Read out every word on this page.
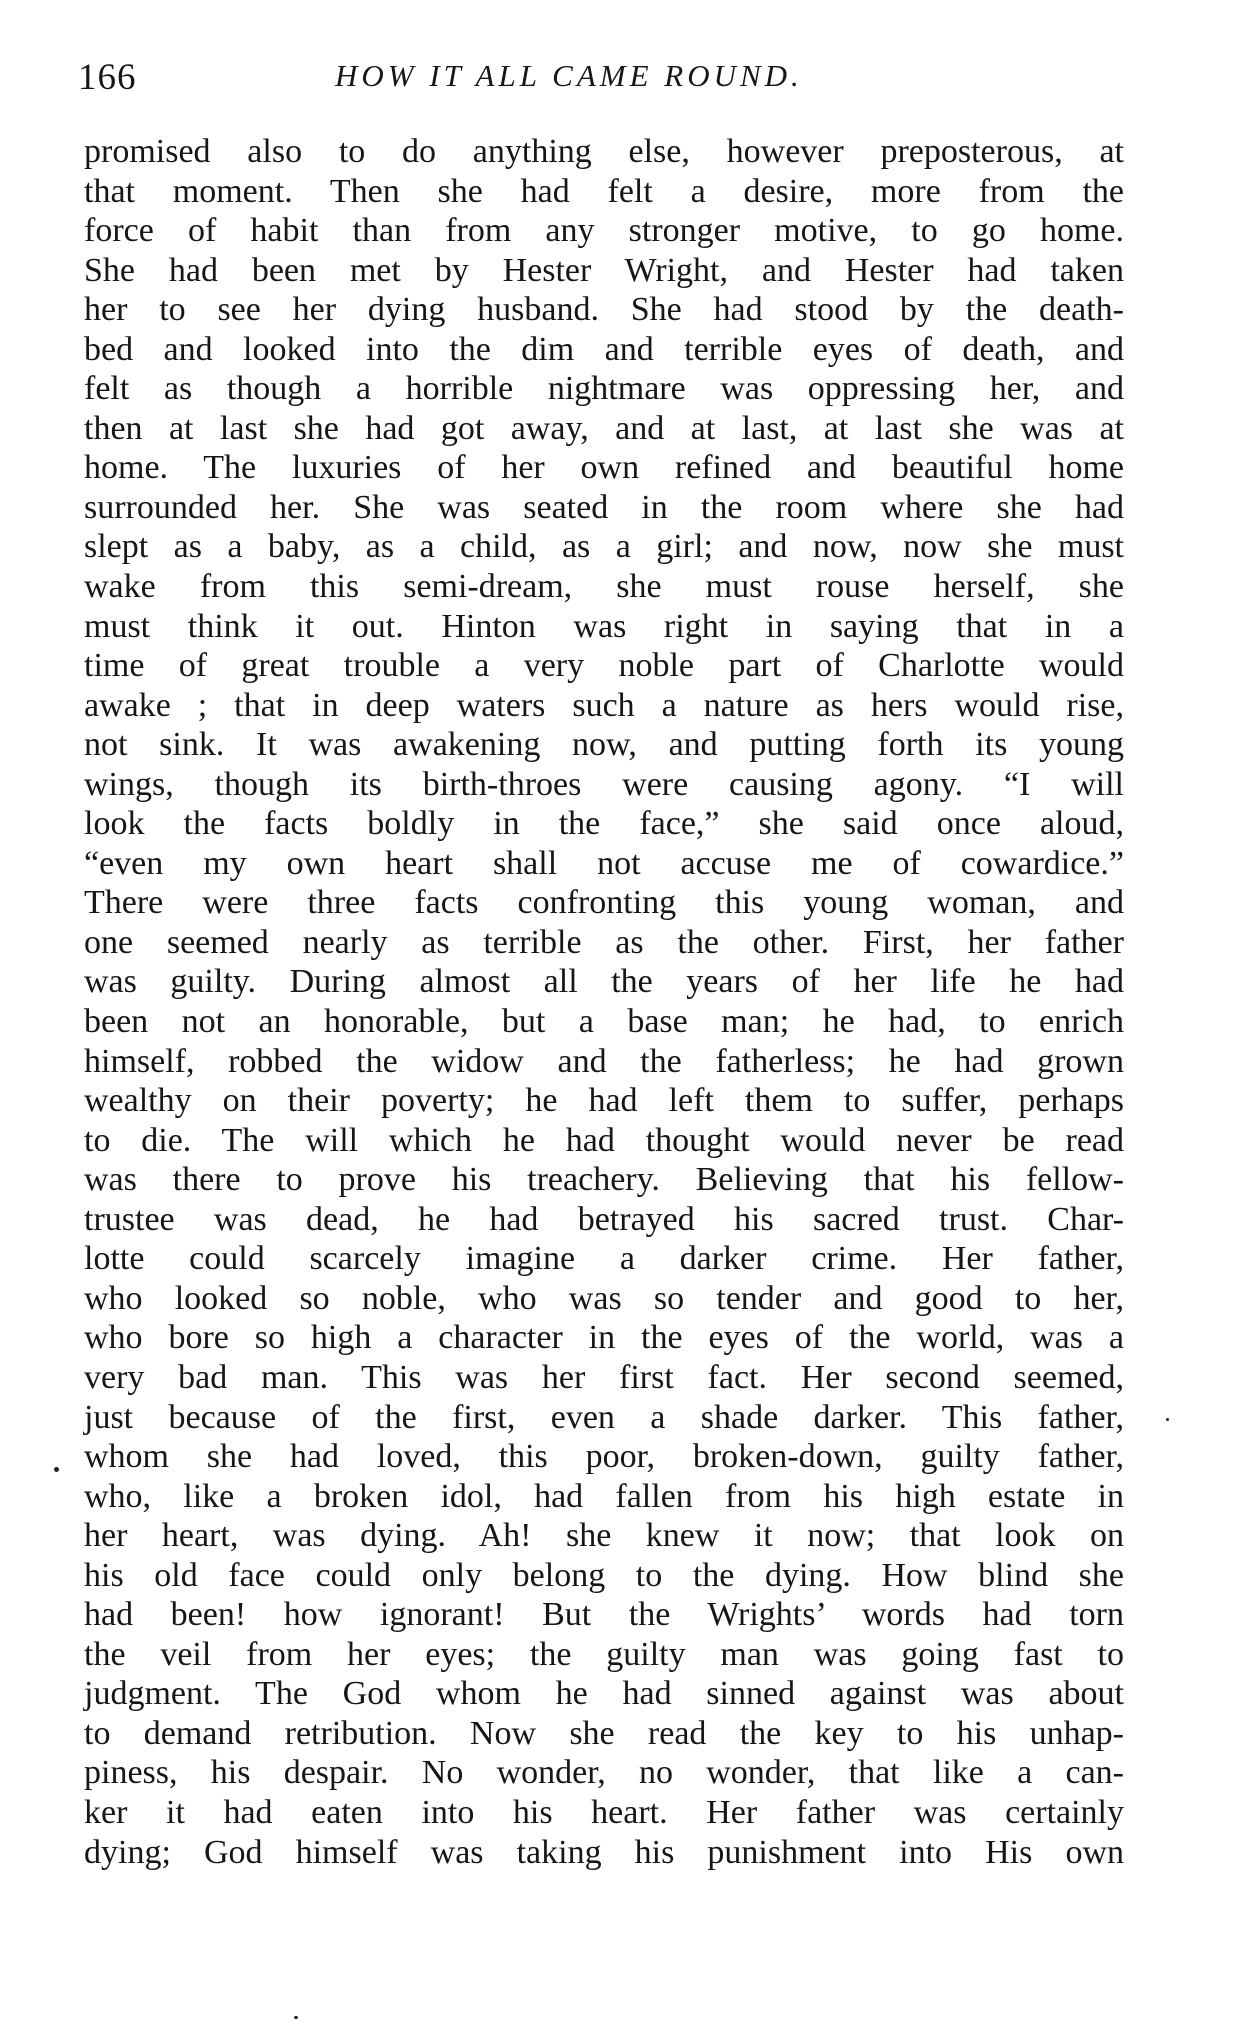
166	HOW IT ALL CAME ROUND.
promised also to do anything else, however preposterous, at
that moment. Then she had felt a desire, more from the
force of habit than from any stronger motive, to go home.
She had been met by Hester Wright, and Hester had taken
her to see her dying husband. She had stood by the death-
bed and looked into the dim and terrible eyes of death, and
felt as though a horrible nightmare was oppressing her, and
then at last she had got away, and at last, at last she was at
home. The luxuries of her own refined and beautiful home
surrounded her. She was seated in the room where she had
slept as a baby, as a child, as a girl; and now, now she must
wake from this semi-dream, she must rouse herself, she
must think it out. Hinton was right in saying that in a
time of great trouble a very noble part of Charlotte would
awake ; that in deep waters such a nature as hers would rise,
not sink. It was awakening now, and putting forth its young
wings, though its birth-throes were causing agony. “I will
look the facts boldly in the face,” she said once aloud,
“even my own heart shall not accuse me of cowardice.”
There were three facts confronting this young woman, and
one seemed nearly as terrible as the other. First, her father
was guilty. During almost all the years of her life he had
been not an honorable, but a base man; he had, to enrich
himself, robbed the widow and the fatherless; he had grown
wealthy on their poverty; he had left them to suffer, perhaps
to die. The will which he had thought would never be read
was there to prove his treachery. Believing that his fellow-
trustee was dead, he had betrayed his sacred trust. Char-
lotte could scarcely imagine a darker crime. Her father,
who looked so noble, who was so tender and good to her,
who bore so high a character in the eyes of the world, was a
very bad man. This was her first fact. Her second seemed,
just because of the first, even a shade darker. This father,
whom she had loved, this poor, broken-down, guilty father,
who, like a broken idol, had fallen from his high estate in
her heart, was dying. Ah! she knew it now; that look on
his old face could only belong to the dying. How blind she
had been! how ignorant! But the Wrights’ words had torn
the veil from her eyes; the guilty man was going fast to
judgment. The God whom he had sinned against was about
to demand retribution. Now she read the key to his unhap-
piness, his despair. No wonder, no wonder, that like a can-
ker it had eaten into his heart. Her father was certainly
dying; God himself was taking his punishment into His own
